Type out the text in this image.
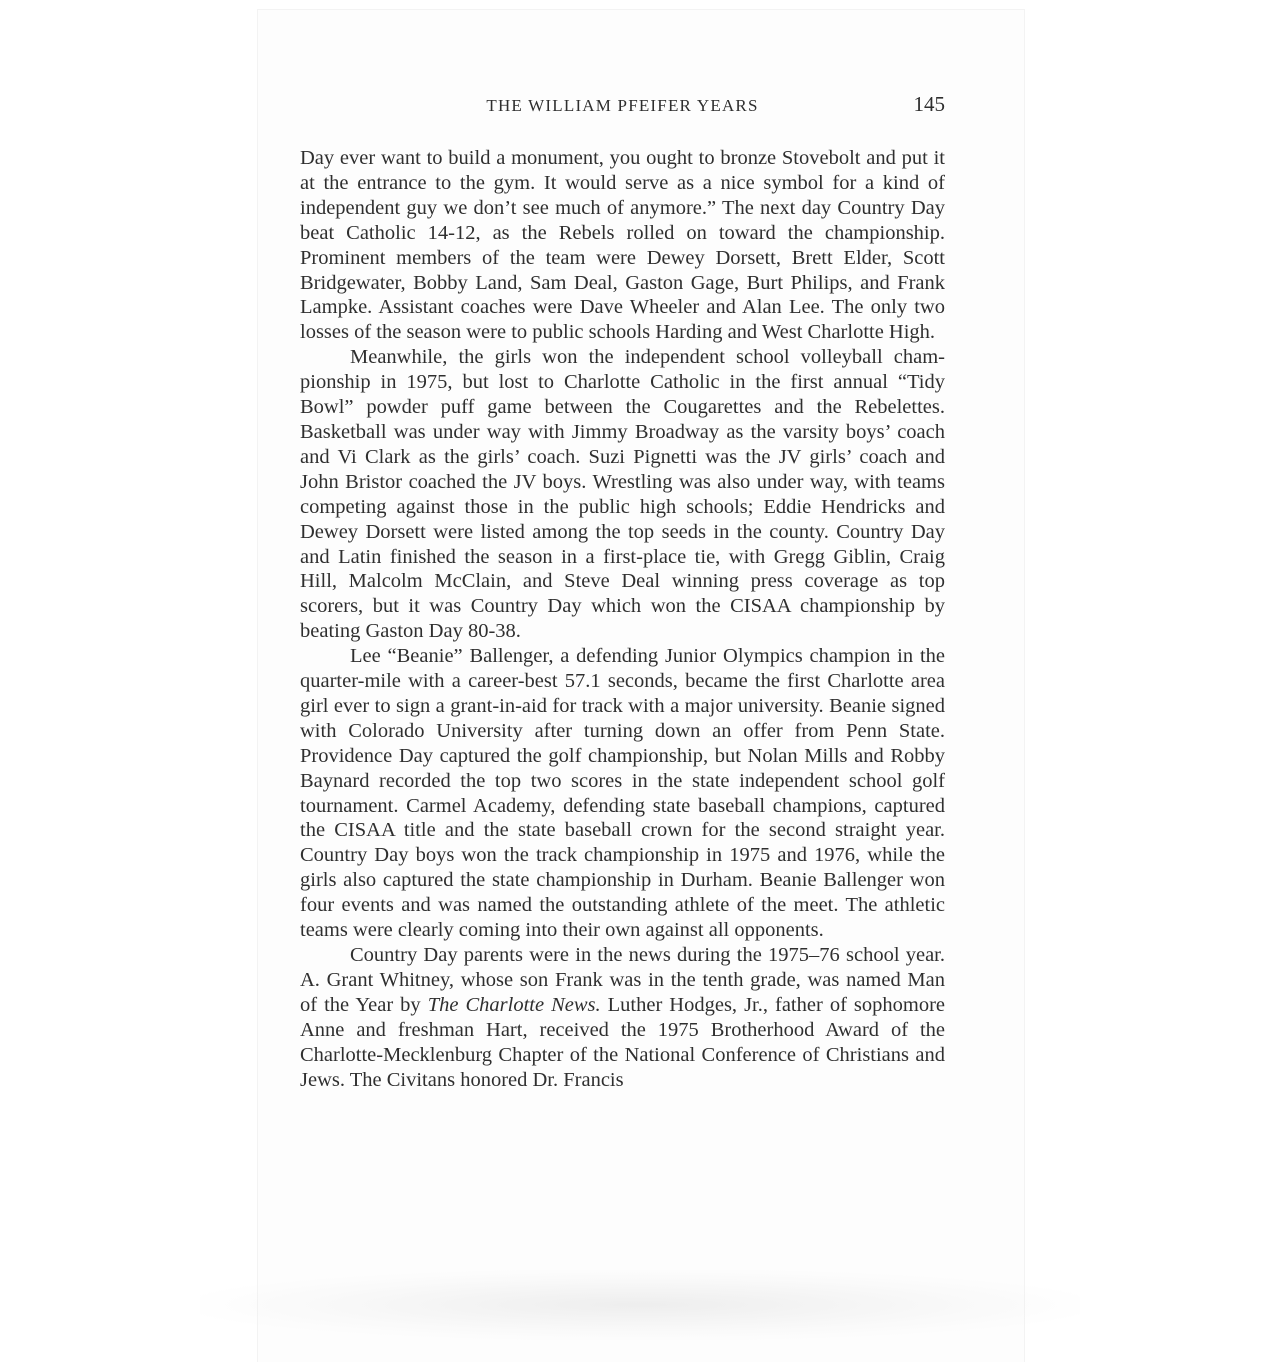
THE WILLIAM PFEIFER YEARS	145

Day ever want to build a monument, you ought to bronze Stovebolt and put it at the entrance to the gym. It would serve as a nice symbol for a kind of independent guy we don’t see much of anymore.” The next day Country Day beat Catholic 14-12, as the Rebels rolled on toward the championship. Prominent members of the team were Dewey Dorsett, Brett Elder, Scott Bridgewater, Bobby Land, Sam Deal, Gaston Gage, Burt Philips, and Frank Lampke. Assistant coaches were Dave Wheeler and Alan Lee. The only two losses of the season were to public schools Harding and West Charlotte High.

Meanwhile, the girls won the independent school volleyball championship in 1975, but lost to Charlotte Catholic in the first annual “Tidy Bowl” powder puff game between the Cougarettes and the Rebelettes. Basketball was under way with Jimmy Broadway as the varsity boys’ coach and Vi Clark as the girls’ coach. Suzi Pignetti was the JV girls’ coach and John Bristor coached the JV boys. Wrestling was also under way, with teams competing against those in the public high schools; Eddie Hendricks and Dewey Dorsett were listed among the top seeds in the county. Country Day and Latin finished the season in a first-place tie, with Gregg Giblin, Craig Hill, Malcolm McClain, and Steve Deal winning press coverage as top scorers, but it was Country Day which won the CISAA championship by beating Gaston Day 80-38.

Lee “Beanie” Ballenger, a defending Junior Olympics champion in the quarter-mile with a career-best 57.1 seconds, became the first Charlotte area girl ever to sign a grant-in-aid for track with a major university. Beanie signed with Colorado University after turning down an offer from Penn State. Providence Day captured the golf championship, but Nolan Mills and Robby Baynard recorded the top two scores in the state independent school golf tournament. Carmel Academy, defending state baseball champions, captured the CISAA title and the state baseball crown for the second straight year. Country Day boys won the track championship in 1975 and 1976, while the girls also captured the state championship in Durham. Beanie Ballenger won four events and was named the outstanding athlete of the meet. The athletic teams were clearly coming into their own against all opponents.

Country Day parents were in the news during the 1975–76 school year. A. Grant Whitney, whose son Frank was in the tenth grade, was named Man of the Year by The Charlotte News. Luther Hodges, Jr., father of sophomore Anne and freshman Hart, received the 1975 Brotherhood Award of the Charlotte-Mecklenburg Chapter of the National Conference of Christians and Jews. The Civitans honored Dr. Francis
